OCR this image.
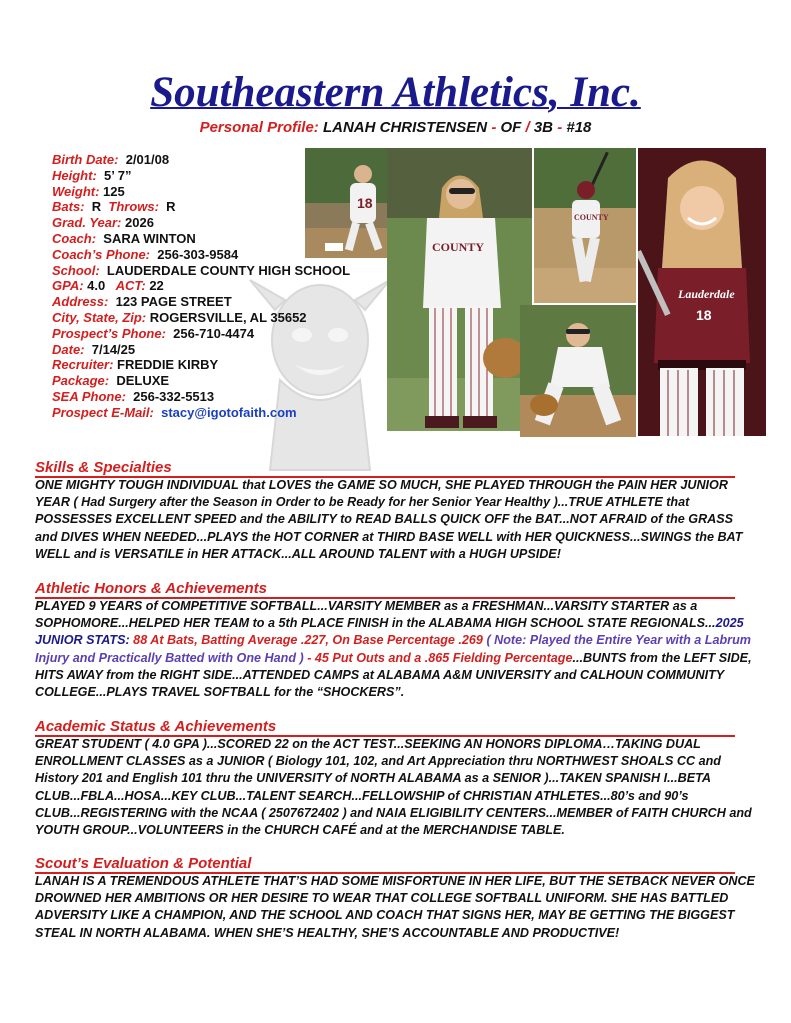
Southeastern Athletics, Inc.
Personal Profile: LANAH CHRISTENSEN - OF / 3B - #18
18
COUNTY
COUNTY
Lauderdale
18
Birth Date: 2/01/08
Height: 5’ 7”
Weight: 125
Bats: R Throws: R
Grad. Year: 2026
Coach: SARA WINTON
Coach’s Phone: 256-303-9584
School: LAUDERDALE COUNTY HIGH SCHOOL
GPA: 4.0 ACT: 22
Address: 123 PAGE STREET
City, State, Zip: ROGERSVILLE, AL 35652
Prospect’s Phone: 256-710-4474
Date: 7/14/25
Recruiter: FREDDIE KIRBY
Package: DELUXE
SEA Phone: 256-332-5513
Prospect E-Mail: stacy@igotofaith.com
Skills & Specialties
ONE MIGHTY TOUGH INDIVIDUAL that LOVES the GAME SO MUCH, SHE PLAYED THROUGH the PAIN HER JUNIOR YEAR ( Had Surgery after the Season in Order to be Ready for her Senior Year Healthy )...TRUE ATHLETE that POSSESSES EXCELLENT SPEED and the ABILITY to READ BALLS QUICK OFF the BAT...NOT AFRAID of the GRASS and DIVES WHEN NEEDED...PLAYS the HOT CORNER at THIRD BASE WELL with HER QUICKNESS...SWINGS the BAT WELL and is VERSATILE in HER ATTACK...ALL AROUND TALENT with a HUGH UPSIDE!
Athletic Honors & Achievements
PLAYED 9 YEARS of COMPETITIVE SOFTBALL...VARSITY MEMBER as a FRESHMAN...VARSITY STARTER as a SOPHOMORE...HELPED HER TEAM to a 5th PLACE FINISH in the ALABAMA HIGH SCHOOL STATE REGIONALS...2025 JUNIOR STATS: 88 At Bats, Batting Average .227, On Base Percentage .269 ( Note: Played the Entire Year with a Labrum Injury and Practically Batted with One Hand ) - 45 Put Outs and a .865 Fielding Percentage...BUNTS from the LEFT SIDE, HITS AWAY from the RIGHT SIDE...ATTENDED CAMPS at ALABAMA A&M UNIVERSITY and CALHOUN COMMUNITY COLLEGE...PLAYS TRAVEL SOFTBALL for the “SHOCKERS”.
Academic Status & Achievements
GREAT STUDENT ( 4.0 GPA )...SCORED 22 on the ACT TEST...SEEKING AN HONORS DIPLOMA…TAKING DUAL ENROLLMENT CLASSES as a JUNIOR ( Biology 101, 102, and Art Appreciation thru NORTHWEST SHOALS CC and History 201 and English 101 thru the UNIVERSITY of NORTH ALABAMA as a SENIOR )...TAKEN SPANISH I...BETA CLUB...FBLA...HOSA...KEY CLUB...TALENT SEARCH...FELLOWSHIP of CHRISTIAN ATHLETES...80’s and 90’s CLUB...REGISTERING with the NCAA ( 2507672402 ) and NAIA ELIGIBILITY CENTERS...MEMBER of FAITH CHURCH and YOUTH GROUP...VOLUNTEERS in the CHURCH CAFÉ and at the MERCHANDISE TABLE.
Scout’s Evaluation & Potential
LANAH IS A TREMENDOUS ATHLETE THAT’S HAD SOME MISFORTUNE IN HER LIFE, BUT THE SETBACK NEVER ONCE DROWNED HER AMBITIONS OR HER DESIRE TO WEAR THAT COLLEGE SOFTBALL UNIFORM. SHE HAS BATTLED ADVERSITY LIKE A CHAMPION, AND THE SCHOOL AND COACH THAT SIGNS HER, MAY BE GETTING THE BIGGEST STEAL IN NORTH ALABAMA. WHEN SHE’S HEALTHY, SHE’S ACCOUNTABLE AND PRODUCTIVE!
